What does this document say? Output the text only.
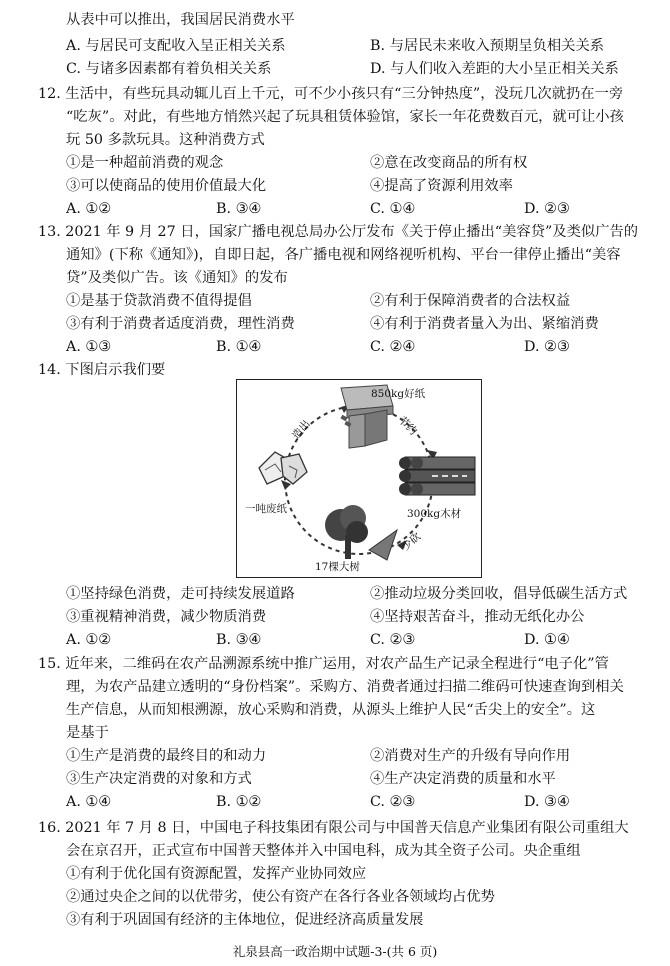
从表中可以推出，我国居民消费水平
A. 与居民可支配收入呈正相关关系	B. 与居民未来收入预期呈负相关关系
C. 与诸多因素都有着负相关关系	D. 与人们收入差距的大小呈正相关关系
12. 生活中，有些玩具动辄儿百上千元，可不少小孩只有“三分钟热度”，没玩几次就扔在一旁
“吃灰”。对此，有些地方悄然兴起了玩具租赁体验馆，家长一年花费数百元，就可让小孩
玩 50 多款玩具。这种消费方式
①是一种超前消费的观念	②意在改变商品的所有权
③可以使商品的使用价值最大化	④提高了资源利用效率
A. ①②	B. ③④	C. ①④	D. ②③
13. 2021 年 9 月 27 日，国家广播电视总局办公厅发布《关于停止播出“美容贷”及类似广告的
通知》(下称《通知》)，自即日起，各广播电视和网络视听机构、平台一律停止播出“美容
贷”及类似广告。该《通知》的发布
①是基于贷款消费不值得提倡	②有利于保障消费者的合法权益
③有利于消费者适度消费，理性消费	④有利于消费者量入为出、紧缩消费
A. ①③	B. ①④	C. ②④	D. ②③
14. 下图启示我们要
850kg好纸
造出	节约
300kg木材
一吨废纸
17棵大树
少砍
①坚持绿色消费，走可持续发展道路	②推动垃圾分类回收，倡导低碳生活方式
③重视精神消费，减少物质消费	④坚持艰苦奋斗，推动无纸化办公
A. ①②	B. ③④	C. ②③	D. ①④
15. 近年来，二维码在农产品溯源系统中推广运用，对农产品生产记录全程进行“电子化”管
理，为农产品建立透明的“身份档案”。采购方、消费者通过扫描二维码可快速查询到相关
生产信息，从而知根溯源，放心采购和消费，从源头上维护人民“舌尖上的安全”。这
是基于
①生产是消费的最终目的和动力	②消费对生产的升级有导向作用
③生产决定消费的对象和方式	④生产决定消费的质量和水平
A. ①④	B. ①②	C. ②③	D. ③④
16. 2021 年 7 月 8 日，中国电子科技集团有限公司与中国普天信息产业集团有限公司重组大
会在京召开，正式宣布中国普天整体并入中国电科，成为其全资子公司。央企重组
①有利于优化国有资源配置，发挥产业协同效应
②通过央企之间的以优带劣，使公有资产在各行各业各领域均占优势
③有利于巩固国有经济的主体地位，促进经济高质量发展
礼泉县高一政治期中试题-3-(共 6 页)
